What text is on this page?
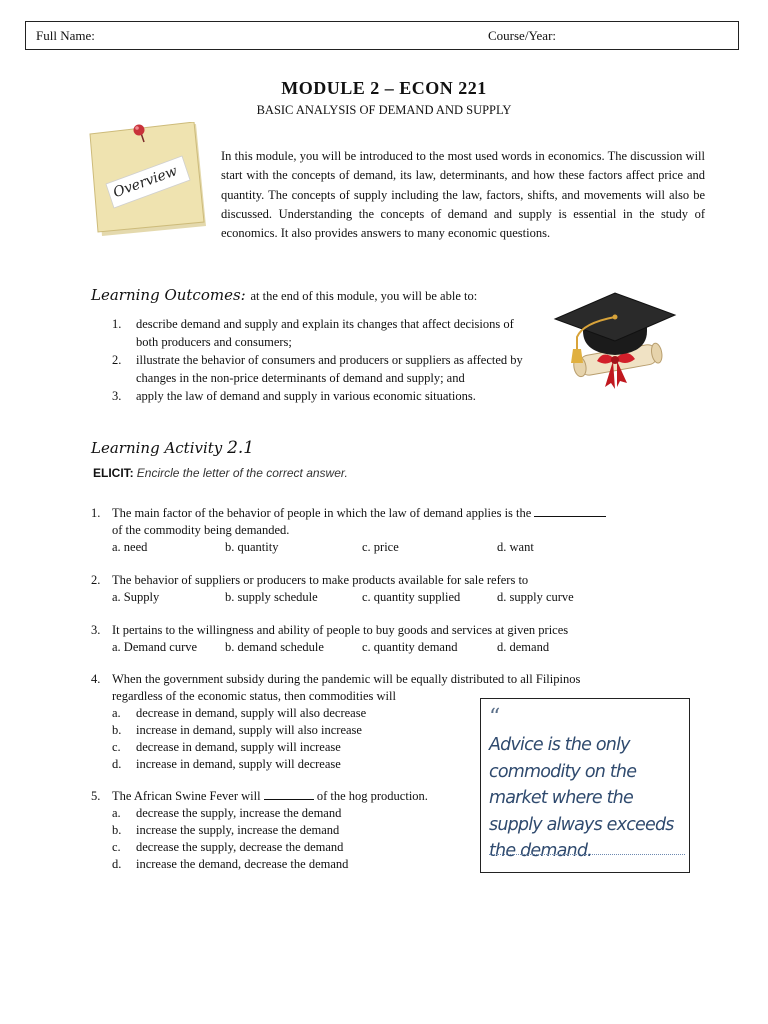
Full Name:	Course/Year:
MODULE 2 – ECON 221
BASIC ANALYSIS OF DEMAND AND SUPPLY
Overview
In this module, you will be introduced to the most used words in economics. The discussion will start with the concepts of demand, its law, determinants, and how these factors affect price and quantity. The concepts of supply including the law, factors, shifts, and movements will also be discussed. Understanding the concepts of demand and supply is essential in the study of economics. It also provides answers to many economic questions.
Learning Outcomes: at the end of this module, you will be able to:
1. describe demand and supply and explain its changes that affect decisions of both producers and consumers;
2. illustrate the behavior of consumers and producers or suppliers as affected by changes in the non-price determinants of demand and supply; and
3. apply the law of demand and supply in various economic situations.
Learning Activity 2.1
ELICIT: Encircle the letter of the correct answer.
1. The main factor of the behavior of people in which the law of demand applies is the
of the commodity being demanded.
a. need	b. quantity	c. price	d. want
2. The behavior of suppliers or producers to make products available for sale refers to
a. Supply	b. supply schedule	c. quantity supplied	d. supply curve
3. It pertains to the willingness and ability of people to buy goods and services at given prices
a. Demand curve b. demand schedule	c. quantity demand	d. demand
4. When the government subsidy during the pandemic will be equally distributed to all Filipinos
regardless of the economic status, then commodities will
a. decrease in demand, supply will also decrease
b. increase in demand, supply will also increase
c. decrease in demand, supply will increase
d. increase in demand, supply will decrease
5. The African Swine Fever will	of the hog production.
a. decrease the supply, increase the demand
b. increase the supply, increase the demand
c. decrease the supply, decrease the demand
d. increase the demand, decrease the demand
“
Advice is the only commodity on the market where the supply always exceeds the demand.
